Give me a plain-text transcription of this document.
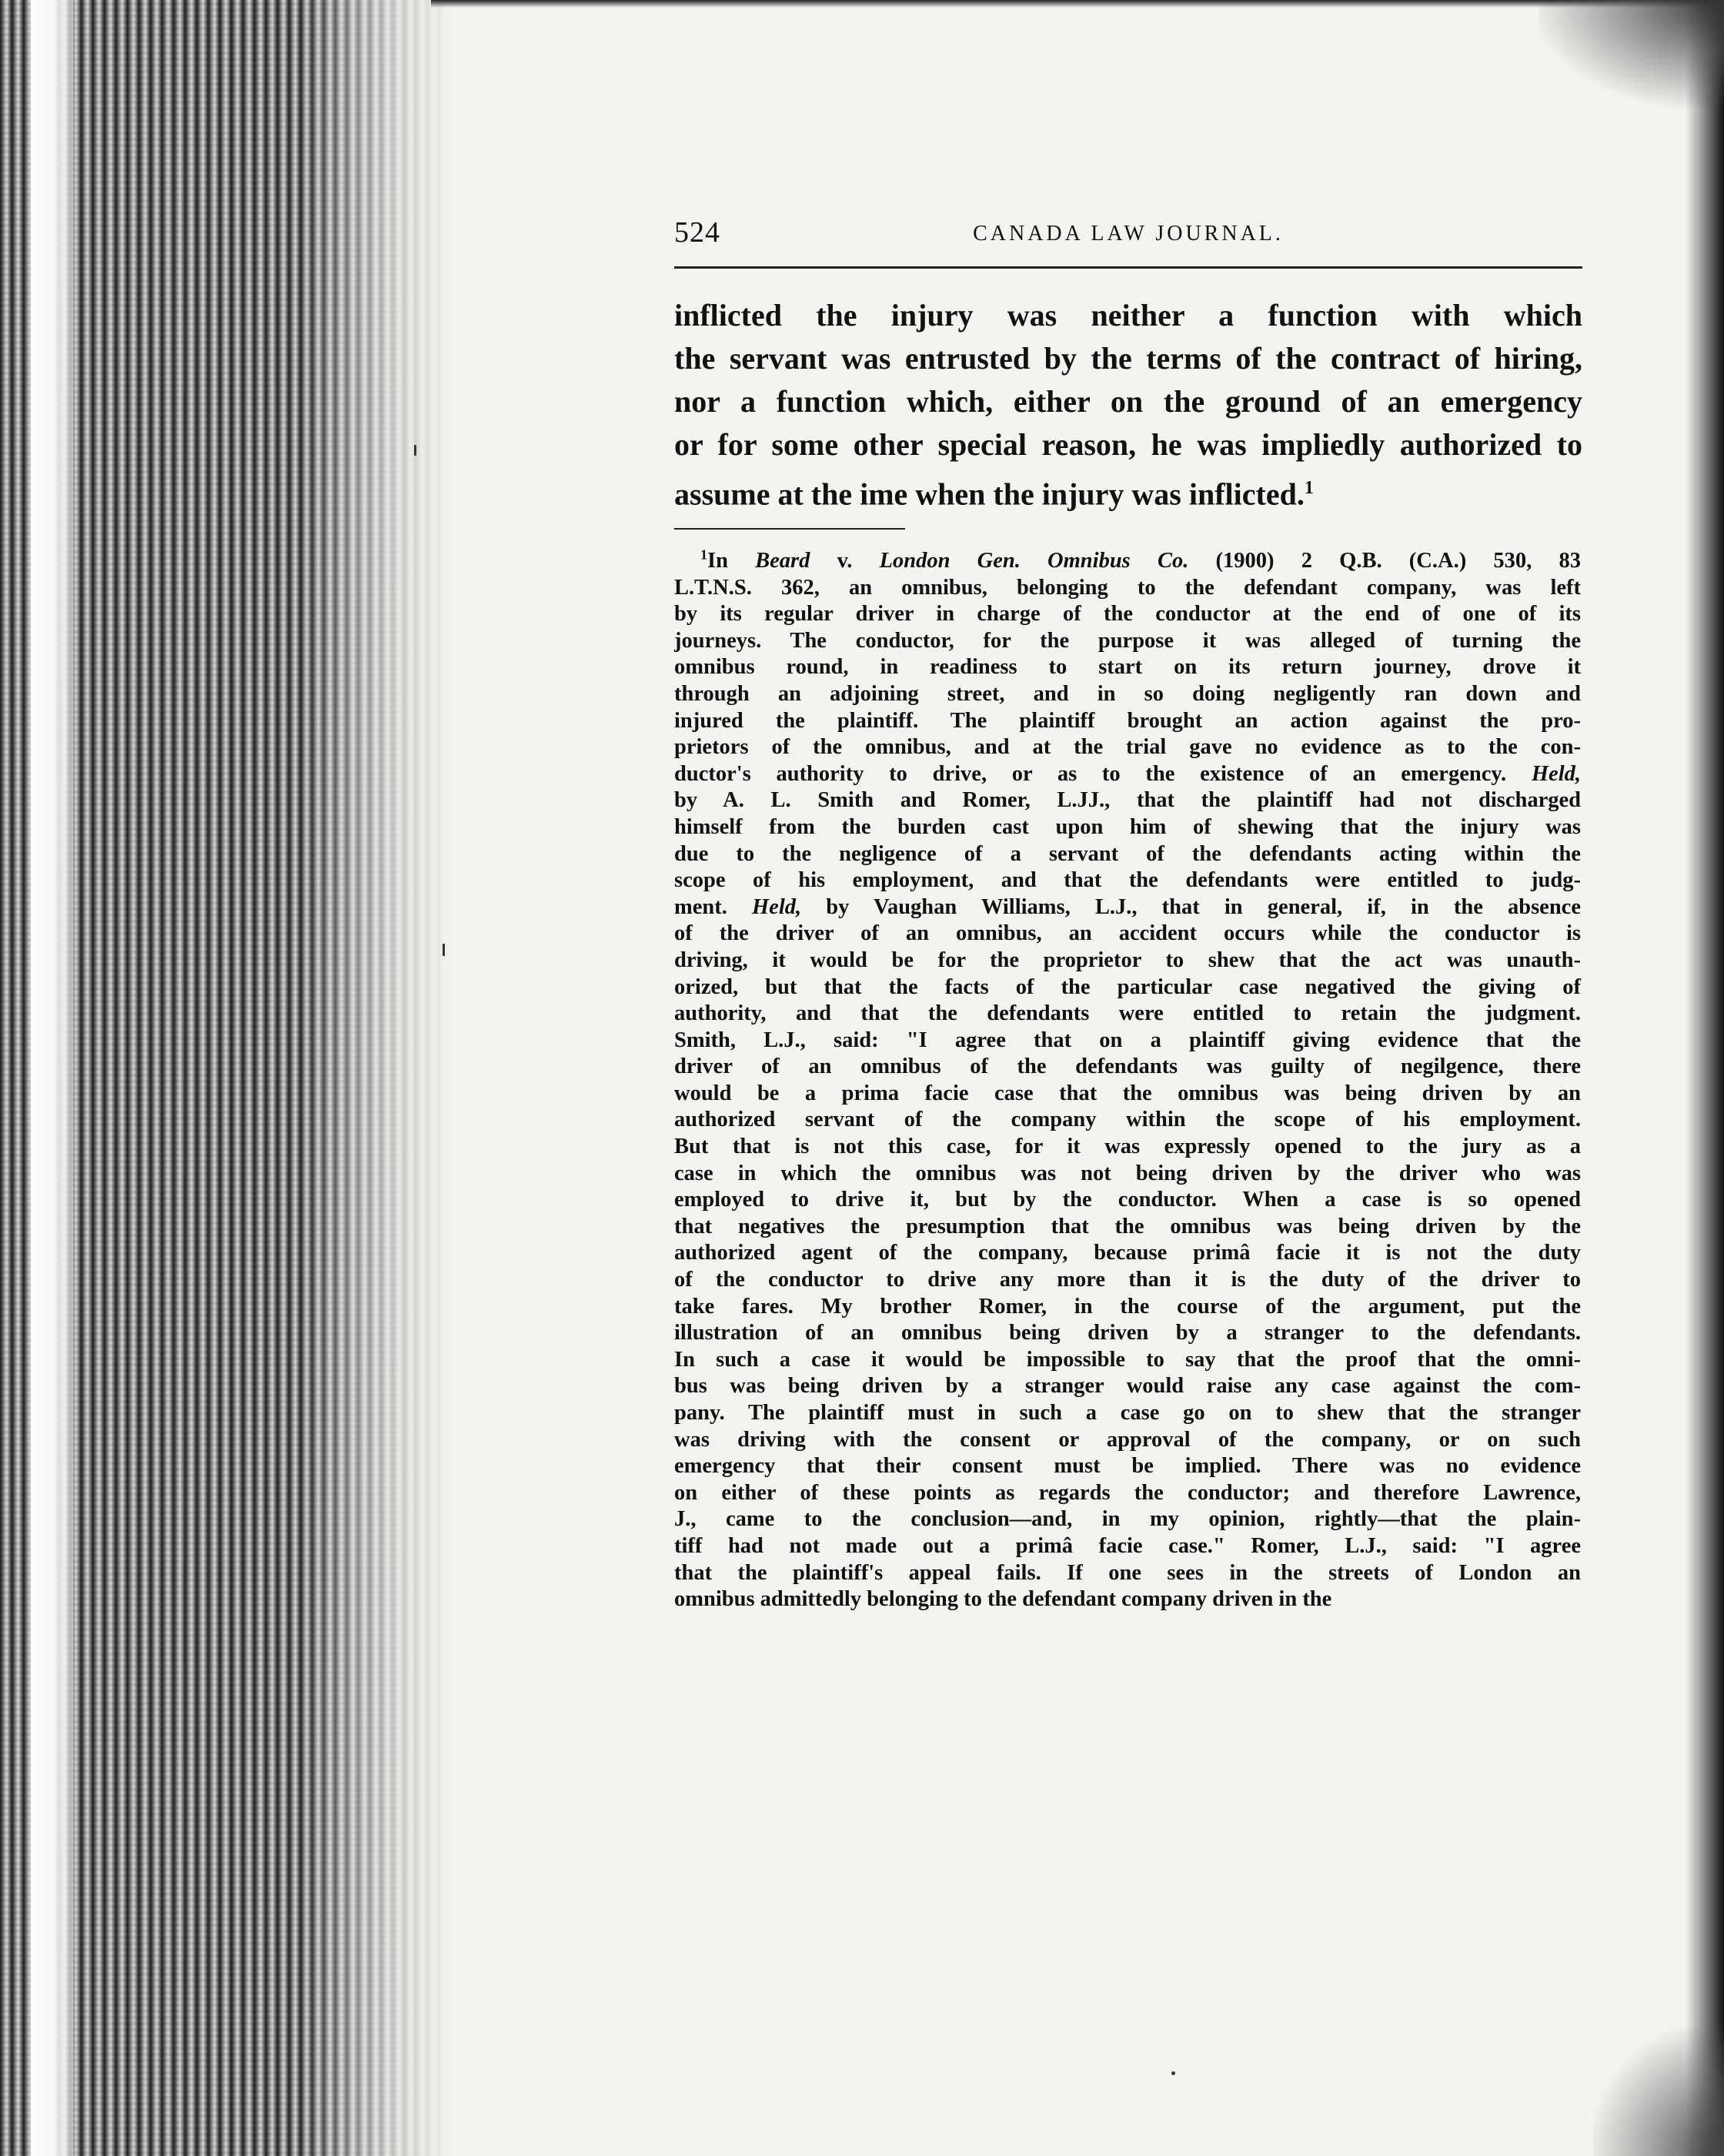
524	CANADA LAW JOURNAL.
inflicted the injury was neither a function with which
the servant was entrusted by the terms of the contract of hiring,
nor a function which, either on the ground of an emergency
or for some other special reason, he was impliedly authorized to
assume at the ime when the injury was inflicted.$^1$
$^1$In Beard v. London Gen. Omnibus Co. (1900) 2 Q.B. (C.A.) 530, 83
L.T.N.S. 362, an omnibus, belonging to the defendant company, was left
by its regular driver in charge of the conductor at the end of one of its
journeys. The conductor, for the purpose it was alleged of turning the
omnibus round, in readiness to start on its return journey, drove it
through an adjoining street, and in so doing negligently ran down and
injured the plaintiff. The plaintiff brought an action against the pro-
prietors of the omnibus, and at the trial gave no evidence as to the con-
ductor's authority to drive, or as to the existence of an emergency. Held,
by A. L. Smith and Romer, L.JJ., that the plaintiff had not discharged
himself from the burden cast upon him of shewing that the injury was
due to the negligence of a servant of the defendants acting within the
scope of his employment, and that the defendants were entitled to judg-
ment. Held, by Vaughan Williams, L.J., that in general, if, in the absence
of the driver of an omnibus, an accident occurs while the conductor is
driving, it would be for the proprietor to shew that the act was unauth-
orized, but that the facts of the particular case negatived the giving of
authority, and that the defendants were entitled to retain the judgment.
Smith, L.J., said: "I agree that on a plaintiff giving evidence that the
driver of an omnibus of the defendants was guilty of negilgence, there
would be a prima facie case that the omnibus was being driven by an
authorized servant of the company within the scope of his employment.
But that is not this case, for it was expressly opened to the jury as a
case in which the omnibus was not being driven by the driver who was
employed to drive it, but by the conductor. When a case is so opened
that negatives the presumption that the omnibus was being driven by the
authorized agent of the company, because primâ facie it is not the duty
of the conductor to drive any more than it is the duty of the driver to
take fares. My brother Romer, in the course of the argument, put the
illustration of an omnibus being driven by a stranger to the defendants.
In such a case it would be impossible to say that the proof that the omni-
bus was being driven by a stranger would raise any case against the com-
pany. The plaintiff must in such a case go on to shew that the stranger
was driving with the consent or approval of the company, or on such
emergency that their consent must be implied. There was no evidence
on either of these points as regards the conductor; and therefore Lawrence,
J., came to the conclusion—and, in my opinion, rightly—that the plain-
tiff had not made out a primâ facie case." Romer, L.J., said: "I agree
that the plaintiff's appeal fails. If one sees in the streets of London an
omnibus admittedly belonging to the defendant company driven in the
